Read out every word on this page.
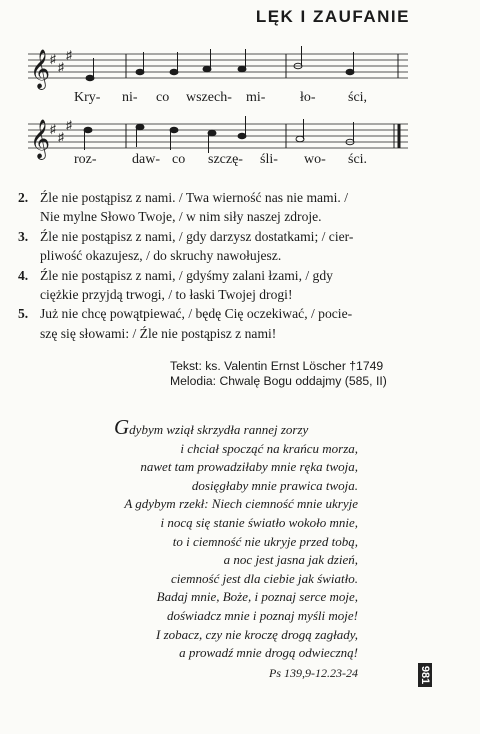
LĘK I ZAUFANIE
𝄞 ♯
♯
♯
Kry- ni- co wszech- mi- ło- ści,
𝄞 ♯
♯
♯
roz-	daw- co szczę- śli- wo- ści.
2. Źle nie postąpisz z nami. / Twa wierność nas nie mami. /
Nie mylne Słowo Twoje, / w nim siły naszej zdroje.
3. Źle nie postąpisz z nami, / gdy darzysz dostatkami; / cier-
pliwość okazujesz, / do skruchy nawołujesz.
4. Źle nie postąpisz z nami, / gdyśmy zalani łzami, / gdy
ciężkie przyjdą trwogi, / to łaski Twojej drogi!
5. Już nie chcę powątpiewać, / będę Cię oczekiwać, / pocie-
szę się słowami: / Źle nie postąpisz z nami!
Tekst: ks. Valentin Ernst Löscher †1749
Melodia: Chwalę Bogu oddajmy (585, II)
Gdybym wziął skrzydła rannej zorzy
i chciał spocząć na krańcu morza,
nawet tam prowadziłaby mnie ręka twoja,
dosięgłaby mnie prawica twoja.
A gdybym rzekł: Niech ciemność mnie ukryje
i nocą się stanie światło wokoło mnie,
to i ciemność nie ukryje przed tobą,
a noc jest jasna jak dzień,
ciemność jest dla ciebie jak światło.
Badaj mnie, Boże, i poznaj serce moje,
doświadcz mnie i poznaj myśli moje!
I zobacz, czy nie kroczę drogą zagłady,
a prowadź mnie drogą odwieczną!
Ps 139,9-12.23-24	981
